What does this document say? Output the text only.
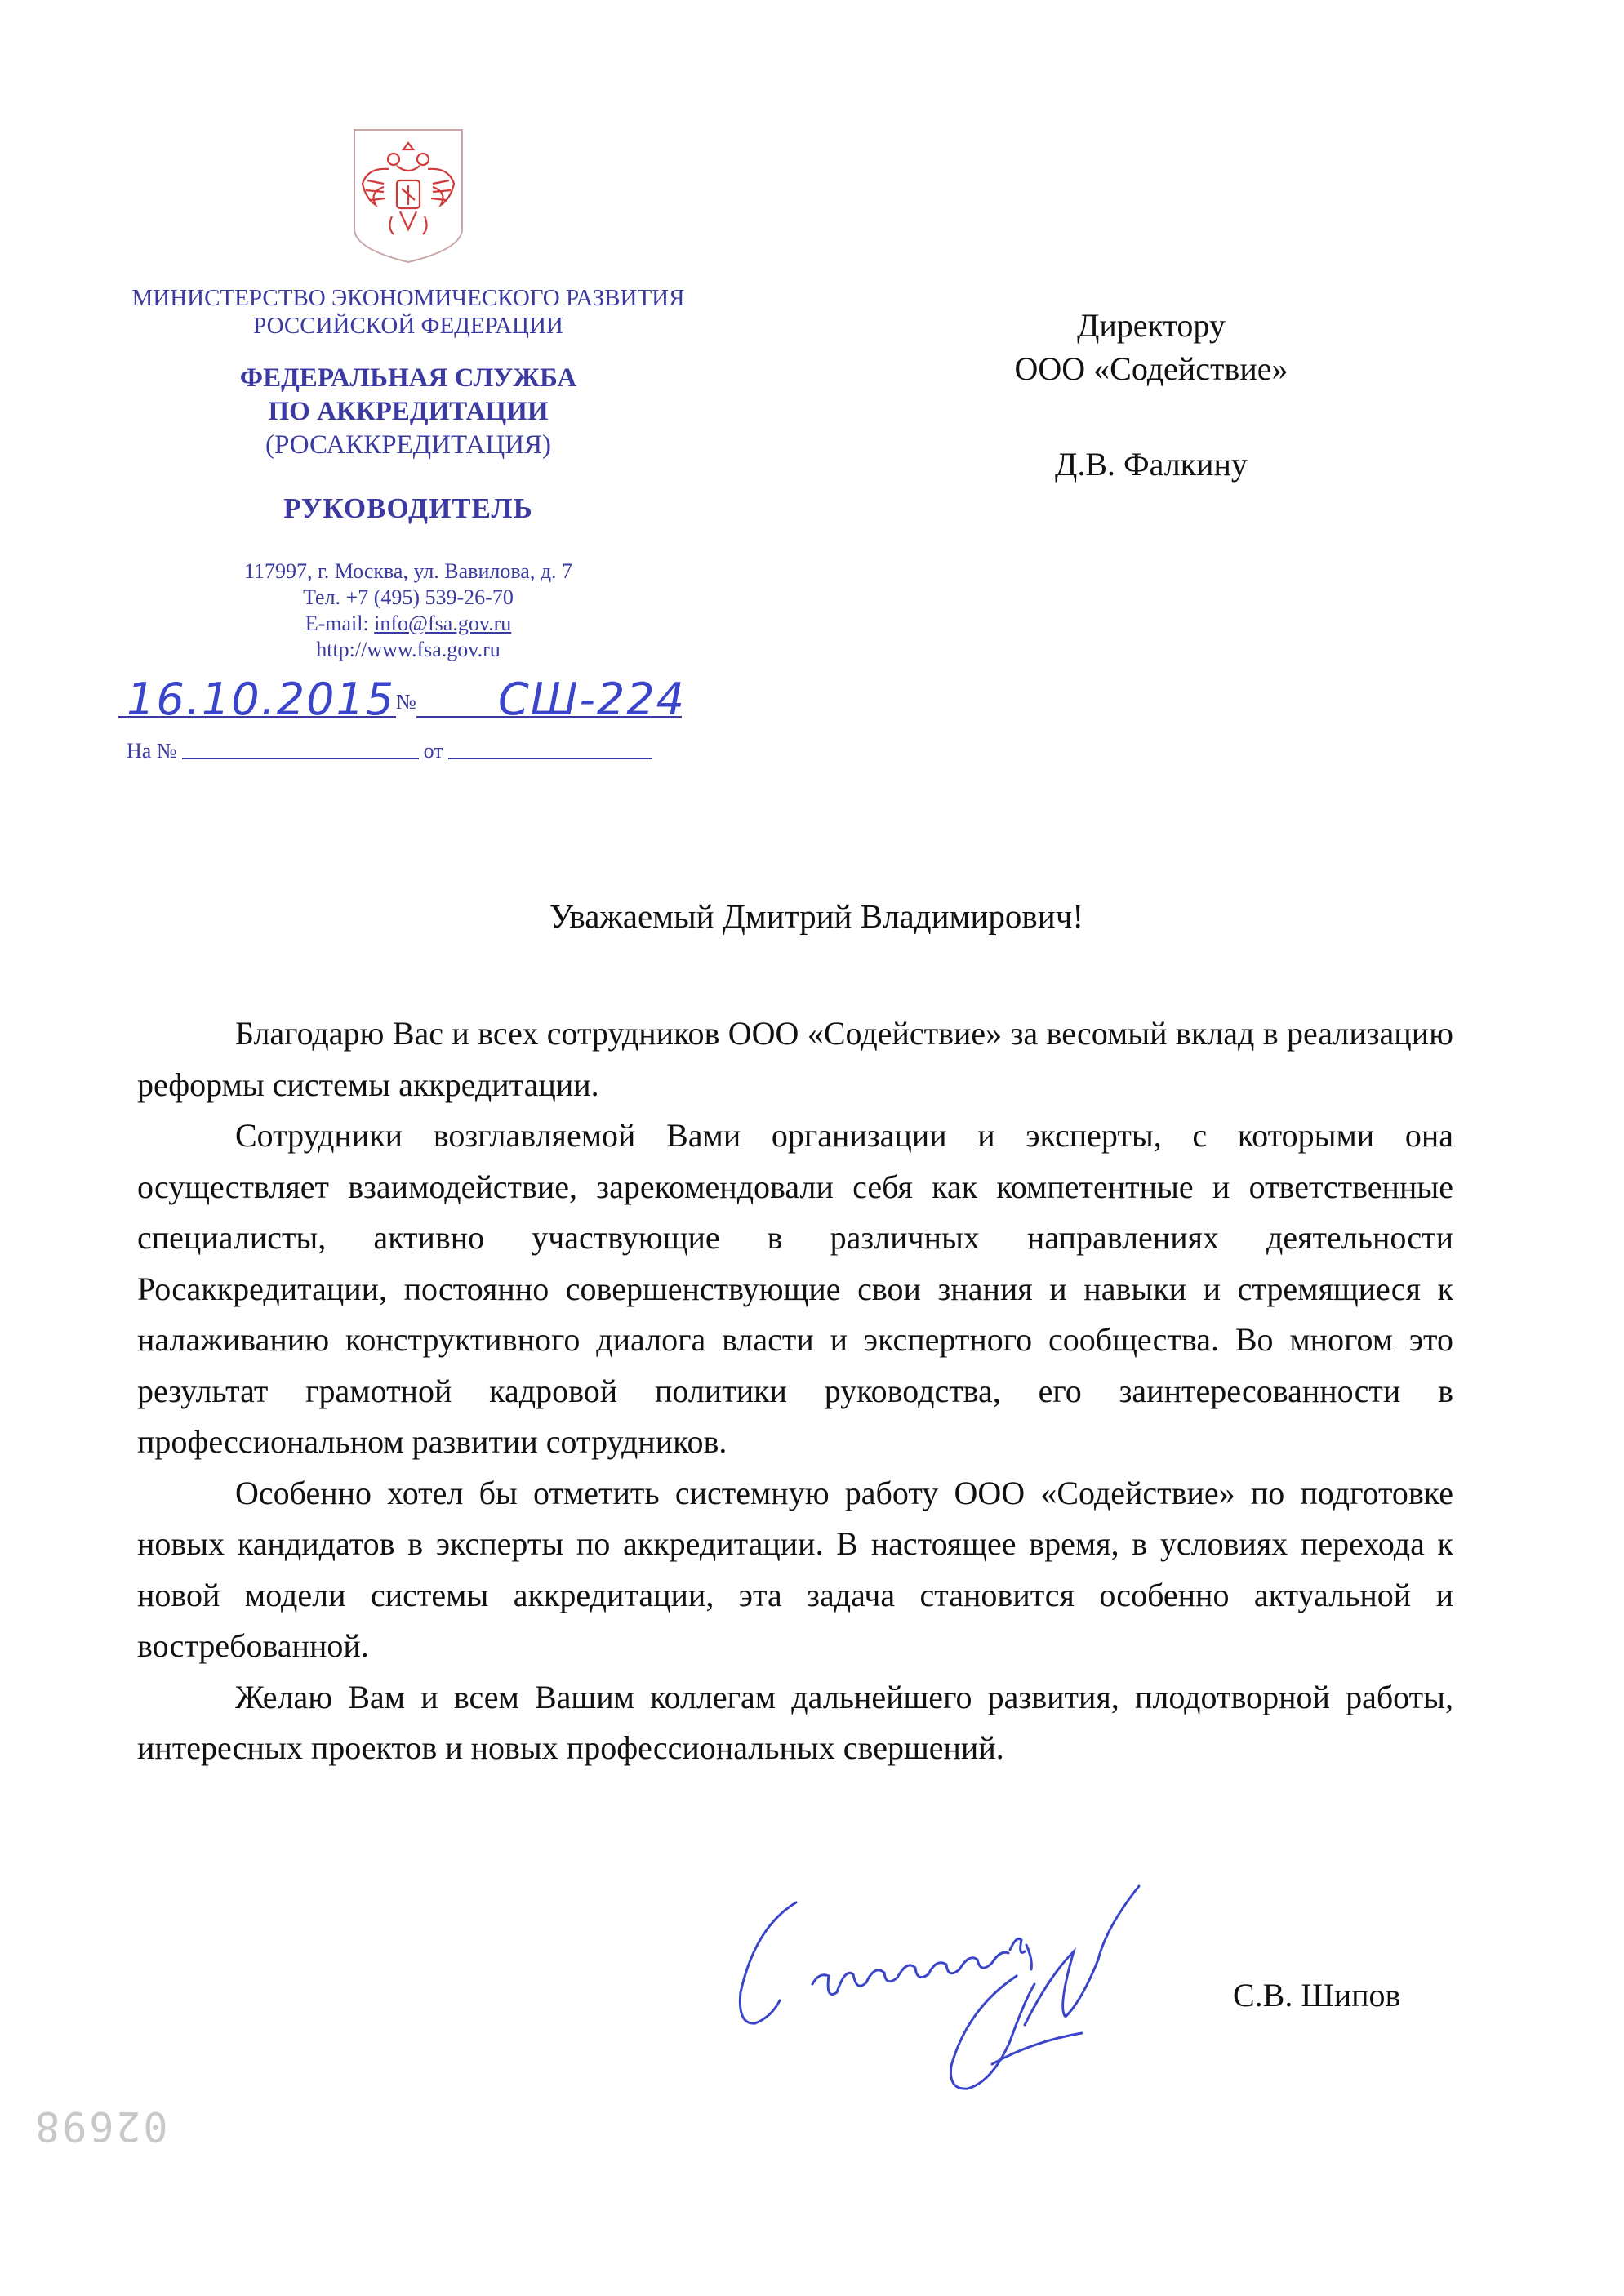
МИНИСТЕРСТВО ЭКОНОМИЧЕСКОГО РАЗВИТИЯ
РОССИЙСКОЙ ФЕДЕРАЦИИ
ФЕДЕРАЛЬНАЯ СЛУЖБА
ПО АККРЕДИТАЦИИ
(РОСАККРЕДИТАЦИЯ)
РУКОВОДИТЕЛЬ
117997, г. Москва, ул. Вавилова, д. 7
Тел. +7 (495) 539-26-70
E-mail: info@fsa.gov.ru
http://www.fsa.gov.ru
16.10.2015 № СШ-224
На №	от
Директору
ООО «Содействие»
Д.В. Фалкину
Уважаемый Дмитрий Владимирович!

Благодарю Вас и всех сотрудников ООО «Содействие» за весомый вклад в реализацию реформы системы аккредитации.

Сотрудники возглавляемой Вами организации и эксперты, с которыми она осуществляет взаимодействие, зарекомендовали себя как компетентные и ответственные специалисты, активно участвующие в различных направлениях деятельности Росаккредитации, постоянно совершенствующие свои знания и навыки и стремящиеся к налаживанию конструктивного диалога власти и экспертного сообщества. Во многом это результат грамотной кадровой политики руководства, его заинтересованности в профессиональном развитии сотрудников.

Особенно хотел бы отметить системную работу ООО «Содействие» по подготовке новых кандидатов в эксперты по аккредитации. В настоящее время, в условиях перехода к новой модели системы аккредитации, эта задача становится особенно актуальной и востребованной.

Желаю Вам и всем Вашим коллегам дальнейшего развития, плодотворной работы, интересных проектов и новых профессиональных свершений.

С.В. Шипов
02698
